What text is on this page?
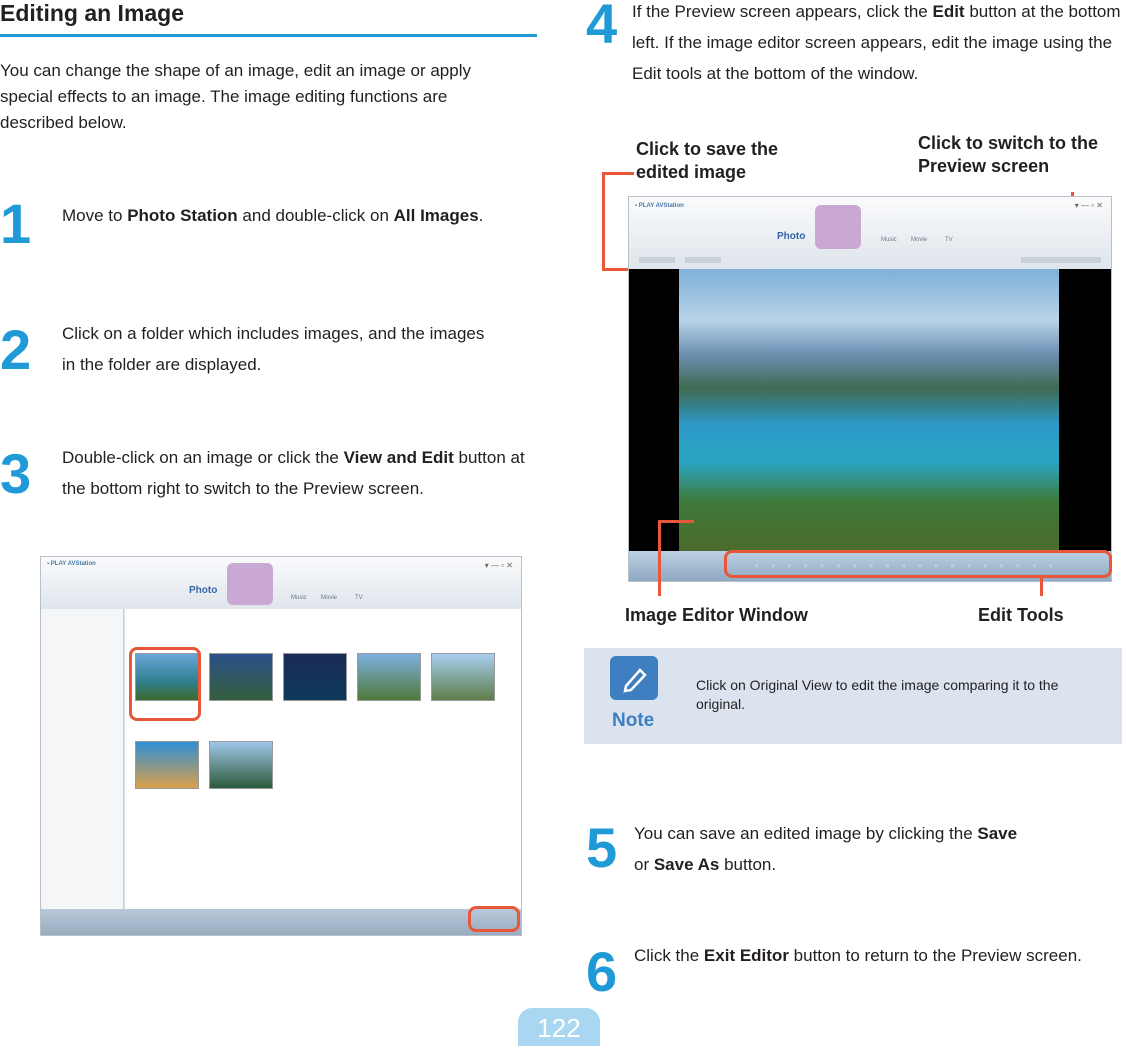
Editing an Image
You can change the shape of an image, edit an image or apply special effects to an image. The image editing functions are described below.
1 Move to Photo Station and double-click on All Images.
2 Click on a folder which includes images, and the images in the folder are displayed.
3 Double-click on an image or click the View and Edit button at the bottom right to switch to the Preview screen.
▪ PLAY AVStation
Photo
Music Movie	TV
▾ — ▫ ✕
4 If the Preview screen appears, click the Edit button at the bottom left. If the image editor screen appears, edit the image using the Edit tools at the bottom of the window.
Click to save the edited image
Click to switch to the Preview screen
▪ PLAY AVStation
Photo	Music Movie	TV
▾ — ▫ ✕
▫ ▫ ▫ ▫ ▫ ▫ ▫ ▫ ▫ ▫ ▫ ▫ ▫ ▫ ▫ ▫ ▫ ▫ ▫
Image Editor Window	Edit Tools
Note
Click on Original View to edit the image comparing it to the original.
5 You can save an edited image by clicking the Save
or Save As button.
6 Click the Exit Editor button to return to the Preview screen.
122
